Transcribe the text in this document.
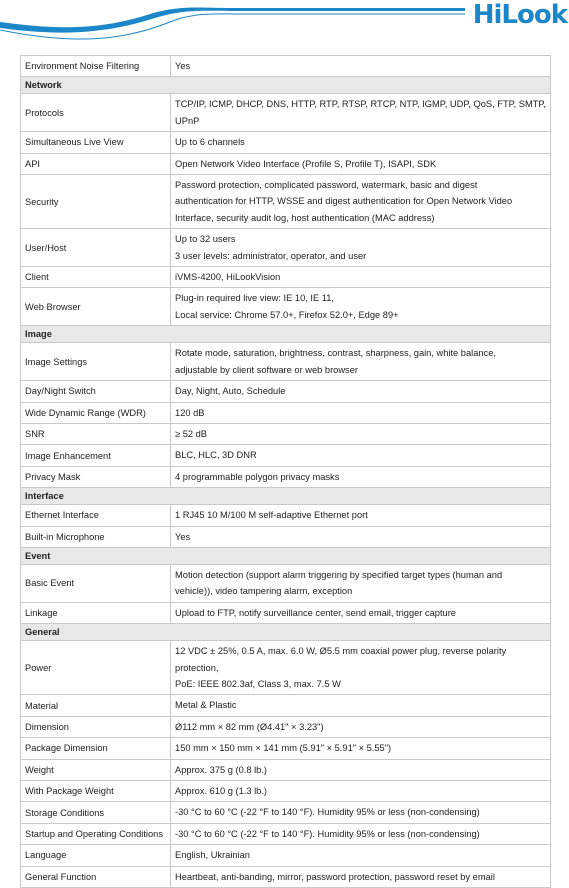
HiLook
Environment Noise Filtering	Yes

Network	
Protocols	TCP/IP, ICMP, DHCP, DNS, HTTP, RTP, RTSP, RTCP, NTP, IGMP, UDP, QoS, FTP, SMTP,
UPnP

Simultaneous Live View	Up to 6 channels

API	Open Network Video Interface (Profile S, Profile T), ISAPI, SDK

Security	Password protection, complicated password, watermark, basic and digest
authentication for HTTP, WSSE and digest authentication for Open Network Video
Interface, security audit log, host authentication (MAC address)

User/Host	Up to 32 users
3 user levels: administrator, operator, and user

Client	iVMS-4200, HiLookVision

Web Browser	Plug-in required live view: IE 10, IE 11,
Local service: Chrome 57.0+, Firefox 52.0+, Edge 89+

Image	
Image Settings	Rotate mode, saturation, brightness, contrast, sharpness, gain, white balance,
adjustable by client software or web browser

Day/Night Switch	Day, Night, Auto, Schedule

Wide Dynamic Range (WDR)	120 dB

SNR	≥ 52 dB

Image Enhancement	BLC, HLC, 3D DNR

Privacy Mask	4 programmable polygon privacy masks

Interface	
Ethernet Interface	1 RJ45 10 M/100 M self-adaptive Ethernet port

Built-in Microphone	Yes

Event	
Basic Event	Motion detection (support alarm triggering by specified target types (human and
vehicle)), video tampering alarm, exception

Linkage	Upload to FTP, notify surveillance center, send email, trigger capture

General	
Power	12 VDC ± 25%, 0.5 A, max. 6.0 W, Ø5.5 mm coaxial power plug, reverse polarity
protection,
PoE: IEEE 802.3af, Class 3, max. 7.5 W

Material	Metal & Plastic

Dimension	Ø112 mm × 82 mm (Ø4.41" × 3.23")

Package Dimension	150 mm × 150 mm × 141 mm (5.91" × 5.91" × 5.55")

Weight	Approx. 375 g (0.8 lb.)

With Package Weight	Approx. 610 g (1.3 lb.)

Storage Conditions	-30 °C to 60 °C (-22 °F to 140 °F). Humidity 95% or less (non-condensing)

Startup and Operating Conditions	-30 °C to 60 °C (-22 °F to 140 °F). Humidity 95% or less (non-condensing)

Language	English, Ukrainian

General Function	Heartbeat, anti-banding, mirror, password protection, password reset by email
